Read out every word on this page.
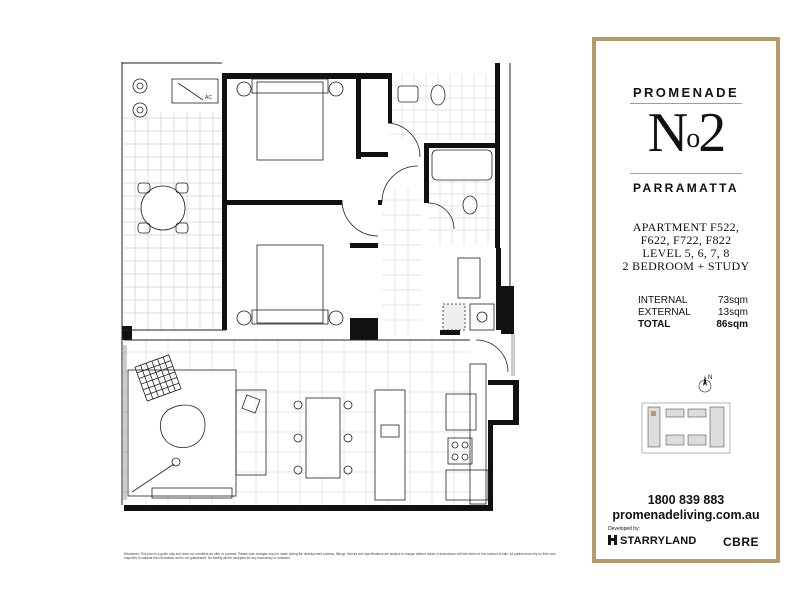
AC
Disclaimer: This plan is a guide only and does not constitute an offer or contract. Please note changes may be made during the development process, fittings, fixtures and specifications are subject to change without notice in accordance with the terms of the contract of sale. All parties must rely on their own enquiries to validate the information and is not guaranteed. No liability will be accepted for any inaccuracy or omission.
PROMENADE
$N^o2$
PARRAMATTA
APARTMENT F522,
F622, F722, F822
LEVEL 5, 6, 7, 8
2 BEDROOM + STUDY
INTERNAL	73sqm
EXTERNAL	13sqm
TOTAL	86sqm
N
1800 839 883
promenadeliving.com.au
Developed by:
STARRYLAND CBRE
